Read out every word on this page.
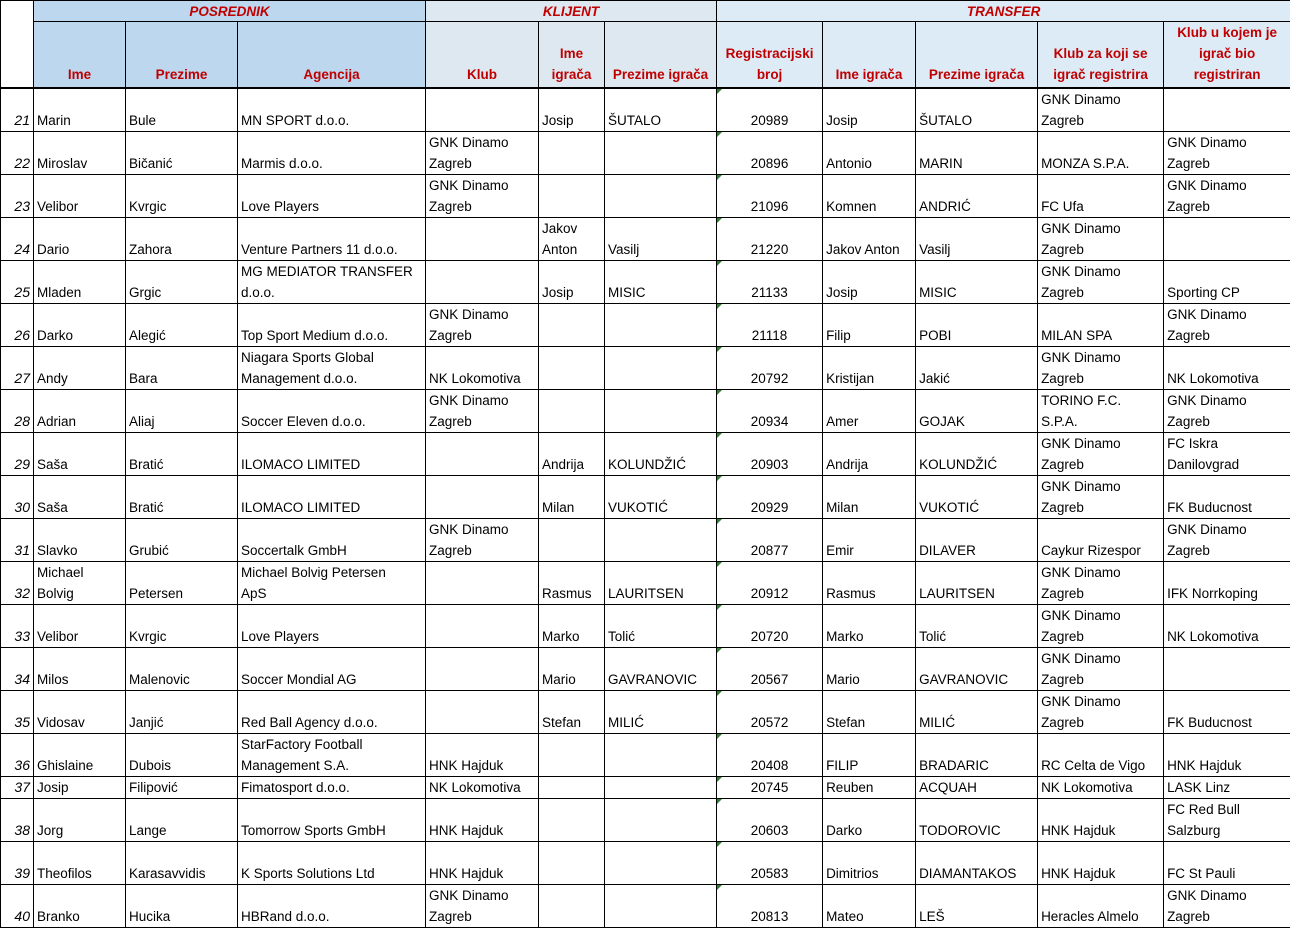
	POSREDNIK			KLIJENT			TRANSFER				
	Ime	Prezime	Agencija	Klub	Ime
igrača	Prezime igrača	Registracijski
broj	Ime igrača	Prezime igrača	Klub za koji se
igrač registrira	Klub u kojem je
igrač bio
registriran
21	Marin	Bule	MN SPORT d.o.o.		Josip	ŠUTALO	20989	Josip	ŠUTALO	GNK Dinamo
Zagreb	
22	Miroslav	Bičanić	Marmis d.o.o.	GNK Dinamo
Zagreb			20896	Antonio	MARIN	MONZA S.P.A.	GNK Dinamo
Zagreb
23	Velibor	Kvrgic	Love Players	GNK Dinamo
Zagreb			21096	Komnen	ANDRIĆ	FC Ufa	GNK Dinamo
Zagreb
24	Dario	Zahora	Venture Partners 11 d.o.o.		Jakov
Anton	Vasilj	21220	Jakov Anton	Vasilj	GNK Dinamo
Zagreb	
25	Mladen	Grgic	MG MEDIATOR TRANSFER
d.o.o.		Josip	MISIC	21133	Josip	MISIC	GNK Dinamo
Zagreb	Sporting CP
26	Darko	Alegić	Top Sport Medium d.o.o.	GNK Dinamo
Zagreb			21118	Filip	POBI	MILAN SPA	GNK Dinamo
Zagreb
27	Andy	Bara	Niagara Sports Global
Management d.o.o.	NK Lokomotiva			20792	Kristijan	Jakić	GNK Dinamo
Zagreb	NK Lokomotiva
28	Adrian	Aliaj	Soccer Eleven d.o.o.	GNK Dinamo
Zagreb			20934	Amer	GOJAK	TORINO F.C.
S.P.A.	GNK Dinamo
Zagreb
29	Saša	Bratić	ILOMACO LIMITED		Andrija	KOLUNDŽIĆ	20903	Andrija	KOLUNDŽIĆ	GNK Dinamo
Zagreb	FC Iskra
Danilovgrad
30	Saša	Bratić	ILOMACO LIMITED		Milan	VUKOTIĆ	20929	Milan	VUKOTIĆ	GNK Dinamo
Zagreb	FK Buducnost
31	Slavko	Grubić	Soccertalk GmbH	GNK Dinamo
Zagreb			20877	Emir	DILAVER	Caykur Rizespor	GNK Dinamo
Zagreb
32	Michael
Bolvig	Petersen	Michael Bolvig Petersen
ApS		Rasmus	LAURITSEN	20912	Rasmus	LAURITSEN	GNK Dinamo
Zagreb	IFK Norrkoping
33	Velibor	Kvrgic	Love Players		Marko	Tolić	20720	Marko	Tolić	GNK Dinamo
Zagreb	NK Lokomotiva
34	Milos	Malenovic	Soccer Mondial AG		Mario	GAVRANOVIC	20567	Mario	GAVRANOVIC	GNK Dinamo
Zagreb	
35	Vidosav	Janjić	Red Ball Agency d.o.o.		Stefan	MILIĆ	20572	Stefan	MILIĆ	GNK Dinamo
Zagreb	FK Buducnost
36	Ghislaine	Dubois	StarFactory Football
Management S.A.	HNK Hajduk			20408	FILIP	BRADARIC	RC Celta de Vigo	HNK Hajduk
37	Josip	Filipović	Fimatosport d.o.o.	NK Lokomotiva			20745	Reuben	ACQUAH	NK Lokomotiva	LASK Linz
38	Jorg	Lange	Tomorrow Sports GmbH	HNK Hajduk			20603	Darko	TODOROVIC	HNK Hajduk	FC Red Bull
Salzburg
39	Theofilos	Karasavvidis	K Sports Solutions Ltd	HNK Hajduk			20583	Dimitrios	DIAMANTAKOS	HNK Hajduk	FC St Pauli
40	Branko	Hucika	HBRand d.o.o.	GNK Dinamo
Zagreb			20813	Mateo	LEŠ	Heracles Almelo	GNK Dinamo
Zagreb
